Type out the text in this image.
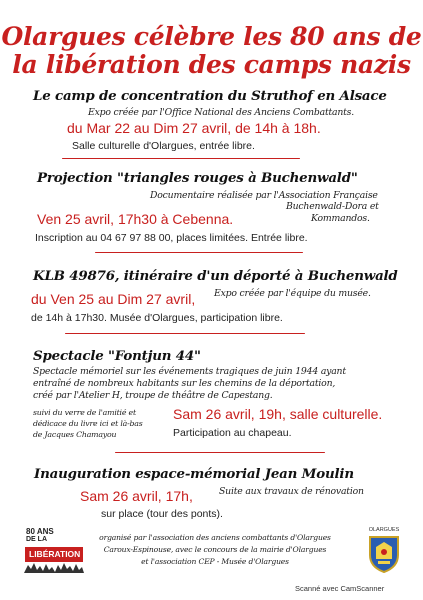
Olargues célèbre les 80 ans de
la libération des camps nazis
Le camp de concentration du Struthof en Alsace
Expo créée par l'Office National des Anciens Combattants.
du Mar 22 au Dim 27 avril, de 14h à 18h.
Salle culturelle d'Olargues, entrée libre.
Projection "triangles rouges à Buchenwald"
Documentaire réalisée par l'Association Française
Buchenwald-Dora et
Kommandos.
Ven 25 avril, 17h30 à Cebenna.
Inscription au 04 67 97 88 00, places limitées. Entrée libre.
KLB 49876, itinéraire d'un déporté à Buchenwald
du Ven 25 au Dim 27 avril, Expo créée par l'équipe du musée.
de 14h à 17h30. Musée d'Olargues, participation libre.
Spectacle "Fontjun 44"
Spectacle mémoriel sur les événements tragiques de juin 1944 ayant
entraîné de nombreux habitants sur les chemins de la déportation,
créé par l'Atelier H, troupe de théâtre de Capestang.
suivi du verre de l'amitié et
dédicace du livre ici et là-bas
de Jacques Chamayou
Sam 26 avril, 19h, salle culturelle.
Participation au chapeau.
Inauguration espace-mémorial Jean Moulin
Sam 26 avril, 17h,	Suite aux travaux de rénovation
sur place (tour des ponts).
80 ANS
DE LA
LIBÉRATION
organisé par l'association des anciens combattants d'Olargues
Caroux-Espinouse, avec le concours de la mairie d'Olargues
et l'association CEP - Musée d'Olargues
OLARGUES
Scanné avec CamScanner
